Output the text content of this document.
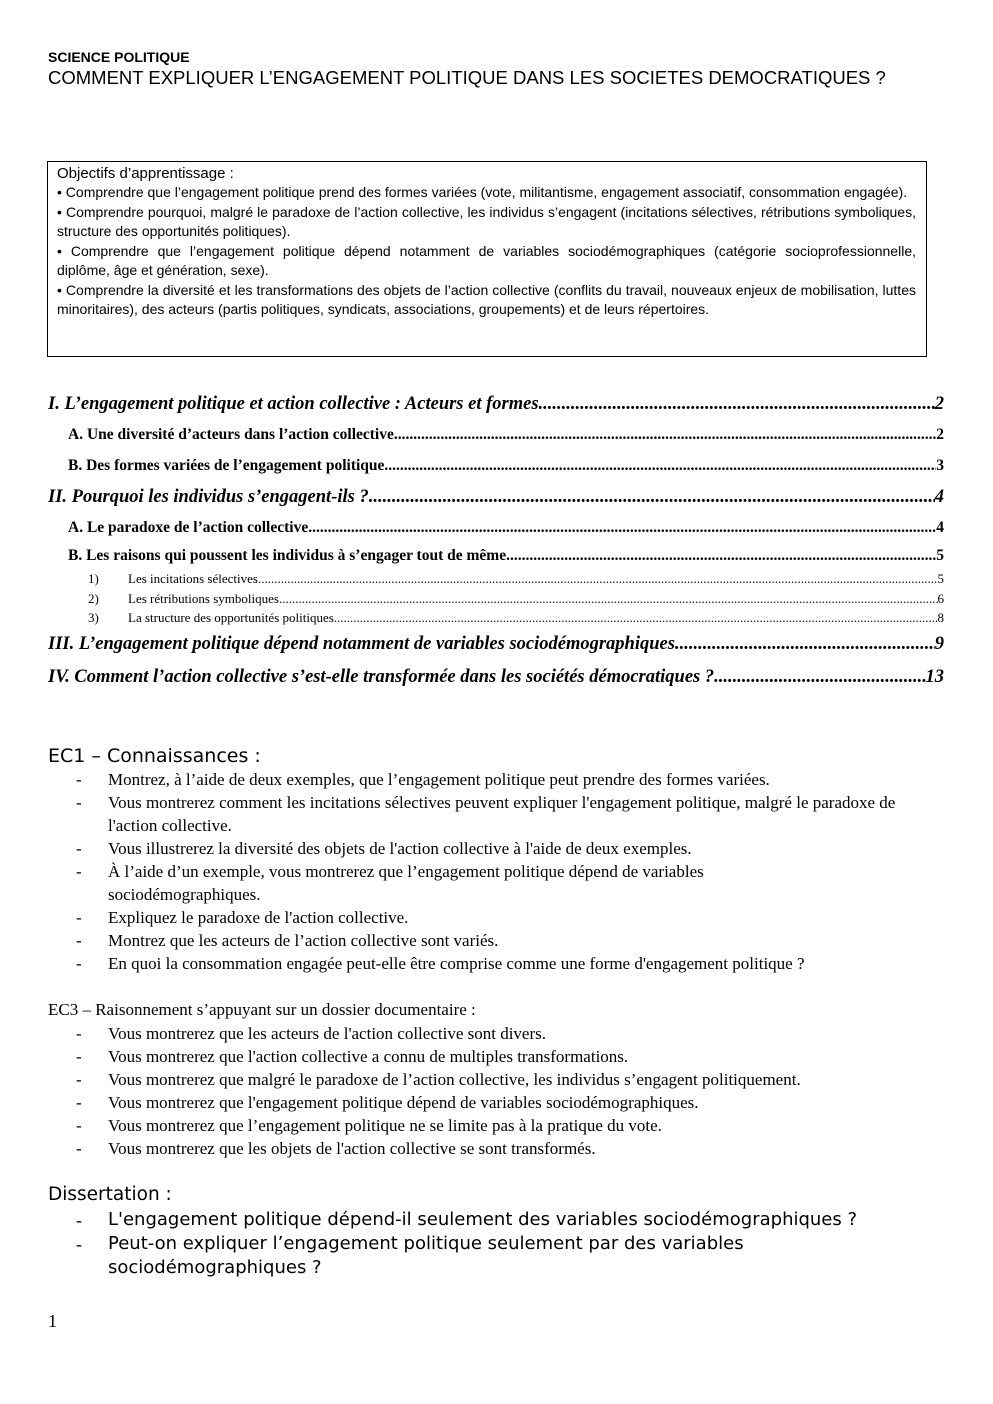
SCIENCE POLITIQUE
COMMENT EXPLIQUER L’ENGAGEMENT POLITIQUE DANS LES SOCIETES DEMOCRATIQUES ?
Objectifs d’apprentissage :
• Comprendre que l’engagement politique prend des formes variées (vote, militantisme, engagement associatif, consommation engagée).
• Comprendre pourquoi, malgré le paradoxe de l’action collective, les individus s’engagent (incitations sélectives, rétributions symboliques, structure des opportunités politiques).
• Comprendre que l’engagement politique dépend notamment de variables sociodémographiques (catégorie socioprofessionnelle, diplôme, âge et génération, sexe).
• Comprendre la diversité et les transformations des objets de l’action collective (conflits du travail, nouveaux enjeux de mobilisation, luttes minoritaires), des acteurs (partis politiques, syndicats, associations, groupements) et de leurs répertoires.
I. L’engagement politique et action collective : Acteurs et formes .....	2
A. Une diversité d’acteurs dans l’action collective .....	2
B. Des formes variées de l’engagement politique .....	3
II. Pourquoi les individus s’engagent-ils ? .....	4
A. Le paradoxe de l’action collective .....	4
B. Les raisons qui poussent les individus à s’engager tout de même .....	5
1) Les incitations sélectives .....	5
2) Les rétributions symboliques .....	6
3) La structure des opportunités politiques .....	8
III. L’engagement politique dépend notamment de variables sociodémographiques .....	9
IV. Comment l’action collective s’est-elle transformée dans les sociétés démocratiques ? .....	13
EC1 – Connaissances :
- Montrez, à l’aide de deux exemples, que l’engagement politique peut prendre des formes variées.
- Vous montrerez comment les incitations sélectives peuvent expliquer l'engagement politique, malgré le paradoxe de l'action collective.
- Vous illustrerez la diversité des objets de l'action collective à l'aide de deux exemples.
- À l’aide d’un exemple, vous montrerez que l’engagement politique dépend de variables sociodémographiques.
- Expliquez le paradoxe de l'action collective.
- Montrez que les acteurs de l’action collective sont variés.
- En quoi la consommation engagée peut-elle être comprise comme une forme d'engagement politique ?
EC3 – Raisonnement s’appuyant sur un dossier documentaire :
- Vous montrerez que les acteurs de l'action collective sont divers.
- Vous montrerez que l'action collective a connu de multiples transformations.
- Vous montrerez que malgré le paradoxe de l’action collective, les individus s’engagent politiquement.
- Vous montrerez que l'engagement politique dépend de variables sociodémographiques.
- Vous montrerez que l’engagement politique ne se limite pas à la pratique du vote.
- Vous montrerez que les objets de l'action collective se sont transformés.
Dissertation :
- L'engagement politique dépend-il seulement des variables sociodémographiques ?
- Peut-on expliquer l’engagement politique seulement par des variables sociodémographiques ?
1
